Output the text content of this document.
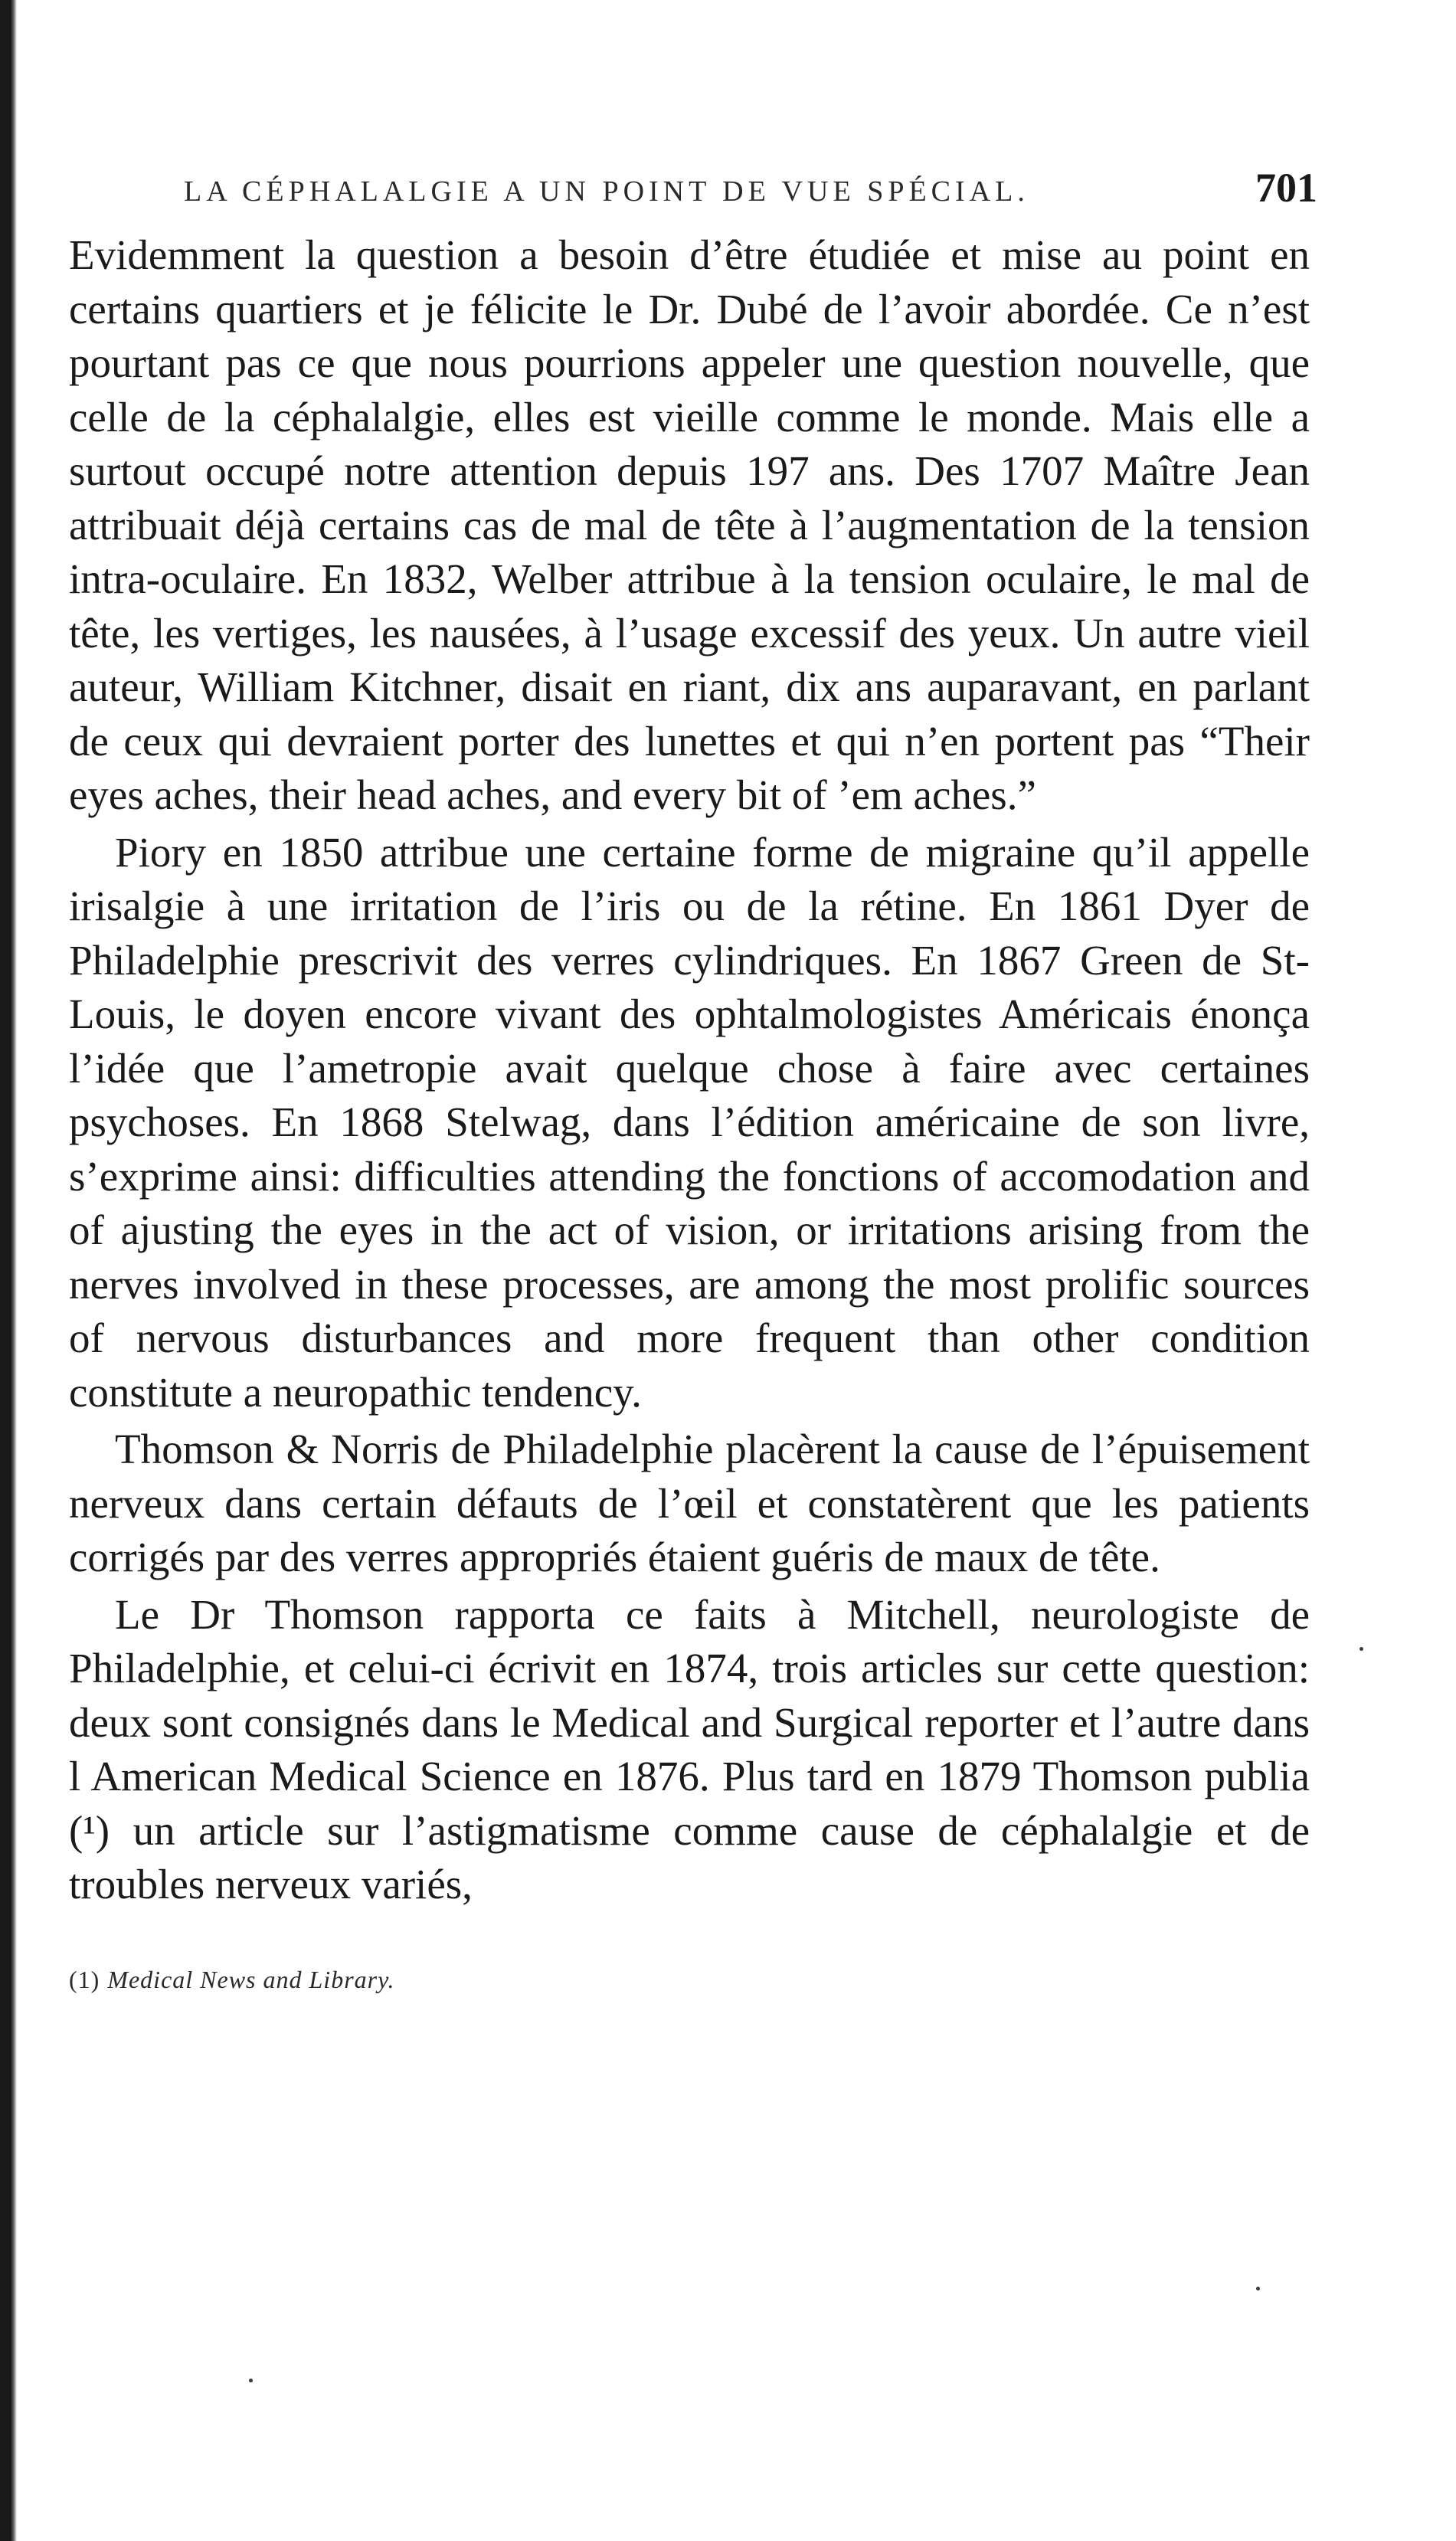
LA CÉPHALALGIE A UN POINT DE VUE SPÉCIAL.	701

Evidemment la question a besoin d’être étudiée et mise au point en certains quartiers et je félicite le Dr. Dubé de l’avoir abordée. Ce n’est pourtant pas ce que nous pourrions appeler une question nouvelle, que celle de la céphalalgie, elles est vieille comme le monde. Mais elle a surtout occupé notre attention depuis 197 ans. Des 1707 Maître Jean attribuait déjà certains cas de mal de tête à l’augmentation de la tension intra-oculaire. En 1832, Welber attribue à la tension oculaire, le mal de tête, les vertiges, les nausées, à l’usage excessif des yeux. Un autre vieil auteur, William Kitchner, disait en riant, dix ans auparavant, en parlant de ceux qui devraient porter des lunettes et qui n’en portent pas “Their eyes aches, their head aches, and every bit of ’em aches.”

Piory en 1850 attribue une certaine forme de migraine qu’il appelle irisalgie à une irritation de l’iris ou de la rétine. En 1861 Dyer de Philadelphie prescrivit des verres cylindriques. En 1867 Green de St-Louis, le doyen encore vivant des ophtalmologistes Américais énonça l’idée que l’ametropie avait quelque chose à faire avec certaines psychoses. En 1868 Stelwag, dans l’édition américaine de son livre, s’exprime ainsi: difficulties attending the fonctions of accomodation and of ajusting the eyes in the act of vision, or irritations arising from the nerves involved in these processes, are among the most prolific sources of nervous disturbances and more frequent than other condition constitute a neuropathic tendency.

Thomson & Norris de Philadelphie placèrent la cause de l’épuisement nerveux dans certain défauts de l’œil et constatèrent que les patients corrigés par des verres appropriés étaient guéris de maux de tête.

Le Dr Thomson rapporta ce faits à Mitchell, neurologiste de Philadelphie, et celui-ci écrivit en 1874, trois articles sur cette question: deux sont consignés dans le Medical and Surgical reporter et l’autre dans l American Medical Science en 1876. Plus tard en 1879 Thomson publia (¹) un article sur l’astigmatisme comme cause de céphalalgie et de troubles nerveux variés,

(1) Medical News and Library.
